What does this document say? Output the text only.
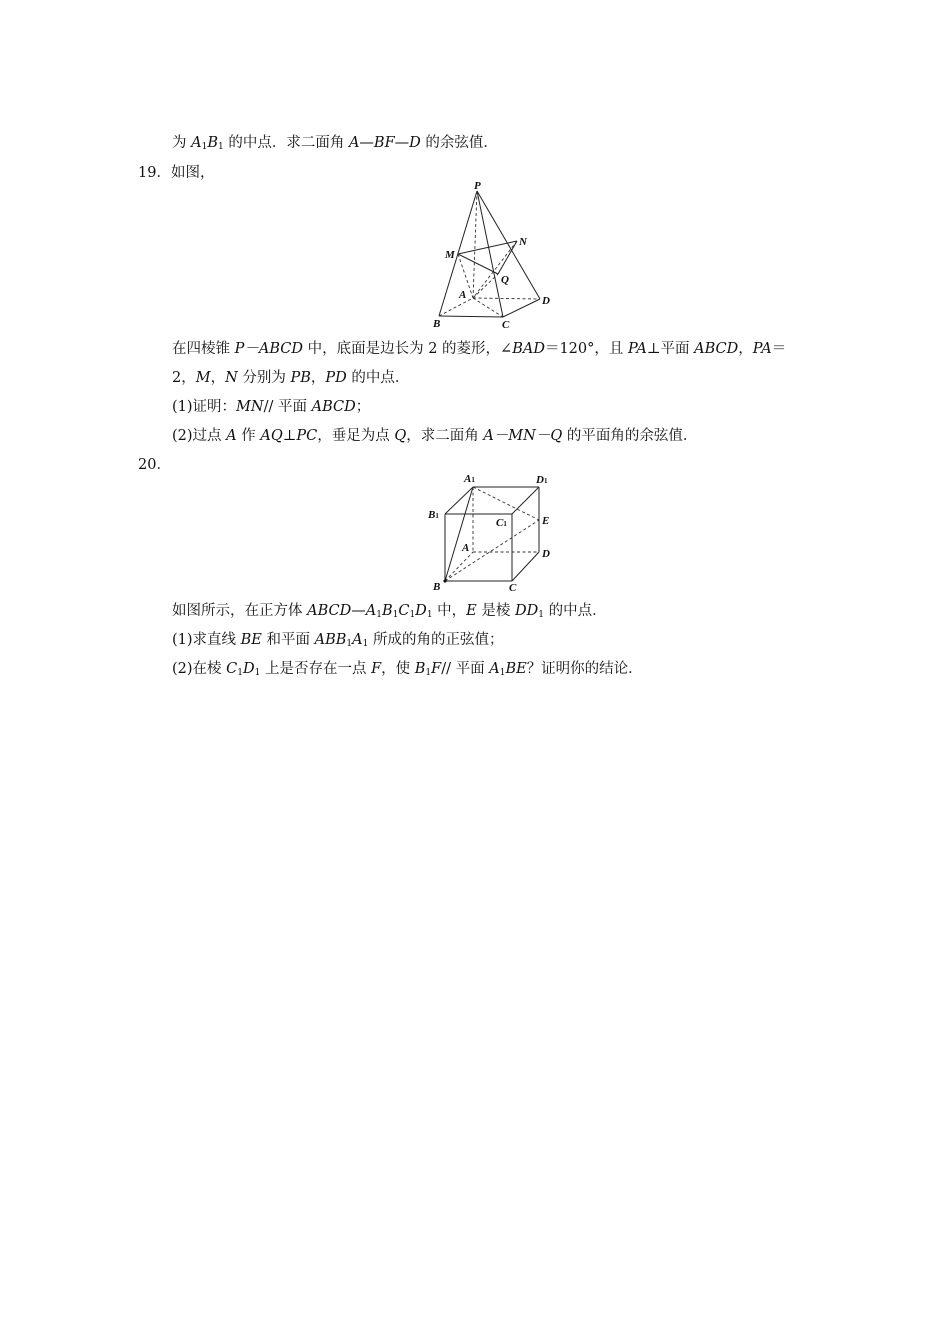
为 $A_1B_1$ 的中点．求二面角 A—BF—D 的余弦值．
19．如图，
P
M
N
Q
A	D
B	C
在四棱锥 P－ABCD 中，底面是边长为 2 的菱形，∠BAD＝120°，且 PA⊥平面 ABCD，PA＝
2，M，N 分别为 PB，PD 的中点．
(1)证明：MN// 平面 ABCD；
(2)过点 A 作 AQ⊥PC，垂足为点 Q，求二面角 A－MN－Q 的平面角的余弦值．
20．
A1	D1
B1
C1	E
A	D
B	C
如图所示，在正方体 $ABCD—A_1B_1C_1D_1$ 中，E 是棱 $DD_1$ 的中点．
(1)求直线 BE 和平面 $ABB_1A_1$ 所成的角的正弦值；
(2)在棱 $C_1D_1$ 上是否存在一点 F，使 $B_1F//$ 平面 $A_1BE$？证明你的结论．
